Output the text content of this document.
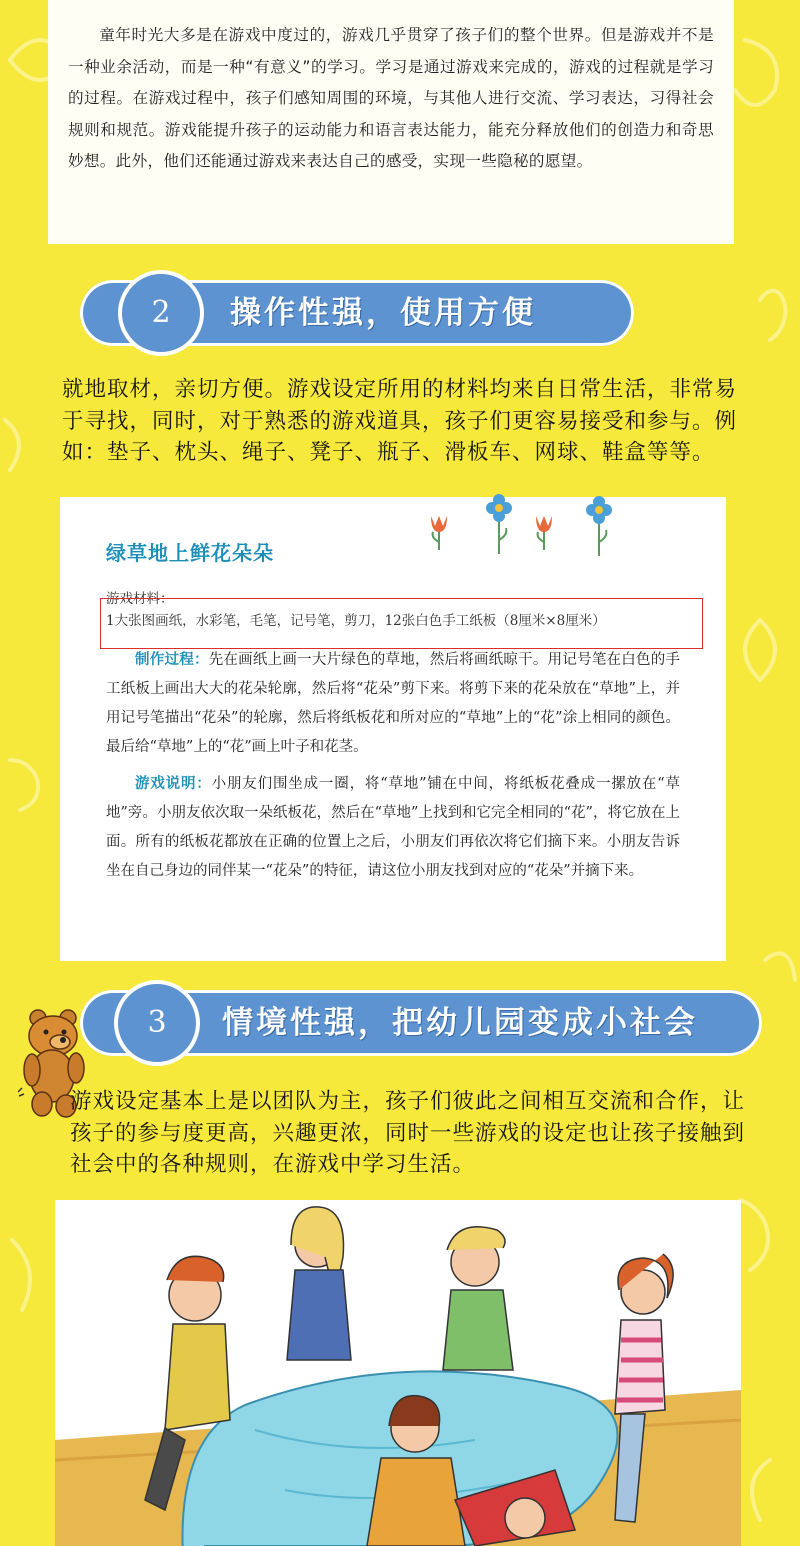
童年时光大多是在游戏中度过的，游戏几乎贯穿了孩子们的整个世界。但是游戏并不是一种业余活动，而是一种“有意义”的学习。学习是通过游戏来完成的，游戏的过程就是学习的过程。在游戏过程中，孩子们感知周围的环境，与其他人进行交流、学习表达，习得社会规则和规范。游戏能提升孩子的运动能力和语言表达能力，能充分释放他们的创造力和奇思妙想。此外，他们还能通过游戏来表达自己的感受，实现一些隐秘的愿望。

操作性强，使用方便
2

就地取材，亲切方便。游戏设定所用的材料均来自日常生活，非常易于寻找，同时，对于熟悉的游戏道具，孩子们更容易接受和参与。例如：垫子、枕头、绳子、凳子、瓶子、滑板车、网球、鞋盒等等。

绿草地上鲜花朵朵
游戏材料：1大张图画纸，水彩笔，毛笔，记号笔，剪刀，12张白色手工纸板（8厘米×8厘米）

制作过程：先在画纸上画一大片绿色的草地，然后将画纸晾干。用记号笔在白色的手工纸板上画出大大的花朵轮廓，然后将“花朵”剪下来。将剪下来的花朵放在“草地”上，并用记号笔描出“花朵”的轮廓，然后将纸板花和所对应的“草地”上的“花”涂上相同的颜色。最后给“草地”上的“花”画上叶子和花茎。

游戏说明：小朋友们围坐成一圈，将“草地”铺在中间，将纸板花叠成一摞放在“草地”旁。小朋友依次取一朵纸板花，然后在“草地”上找到和它完全相同的“花”，将它放在上面。所有的纸板花都放在正确的位置上之后，小朋友们再依次将它们摘下来。小朋友告诉坐在自己身边的同伴某一“花朵”的特征，请这位小朋友找到对应的“花朵”并摘下来。

情境性强，把幼儿园变成小社会
3

游戏设定基本上是以团队为主，孩子们彼此之间相互交流和合作，让孩子的参与度更高，兴趣更浓，同时一些游戏的设定也让孩子接触到社会中的各种规则，在游戏中学习生活。
